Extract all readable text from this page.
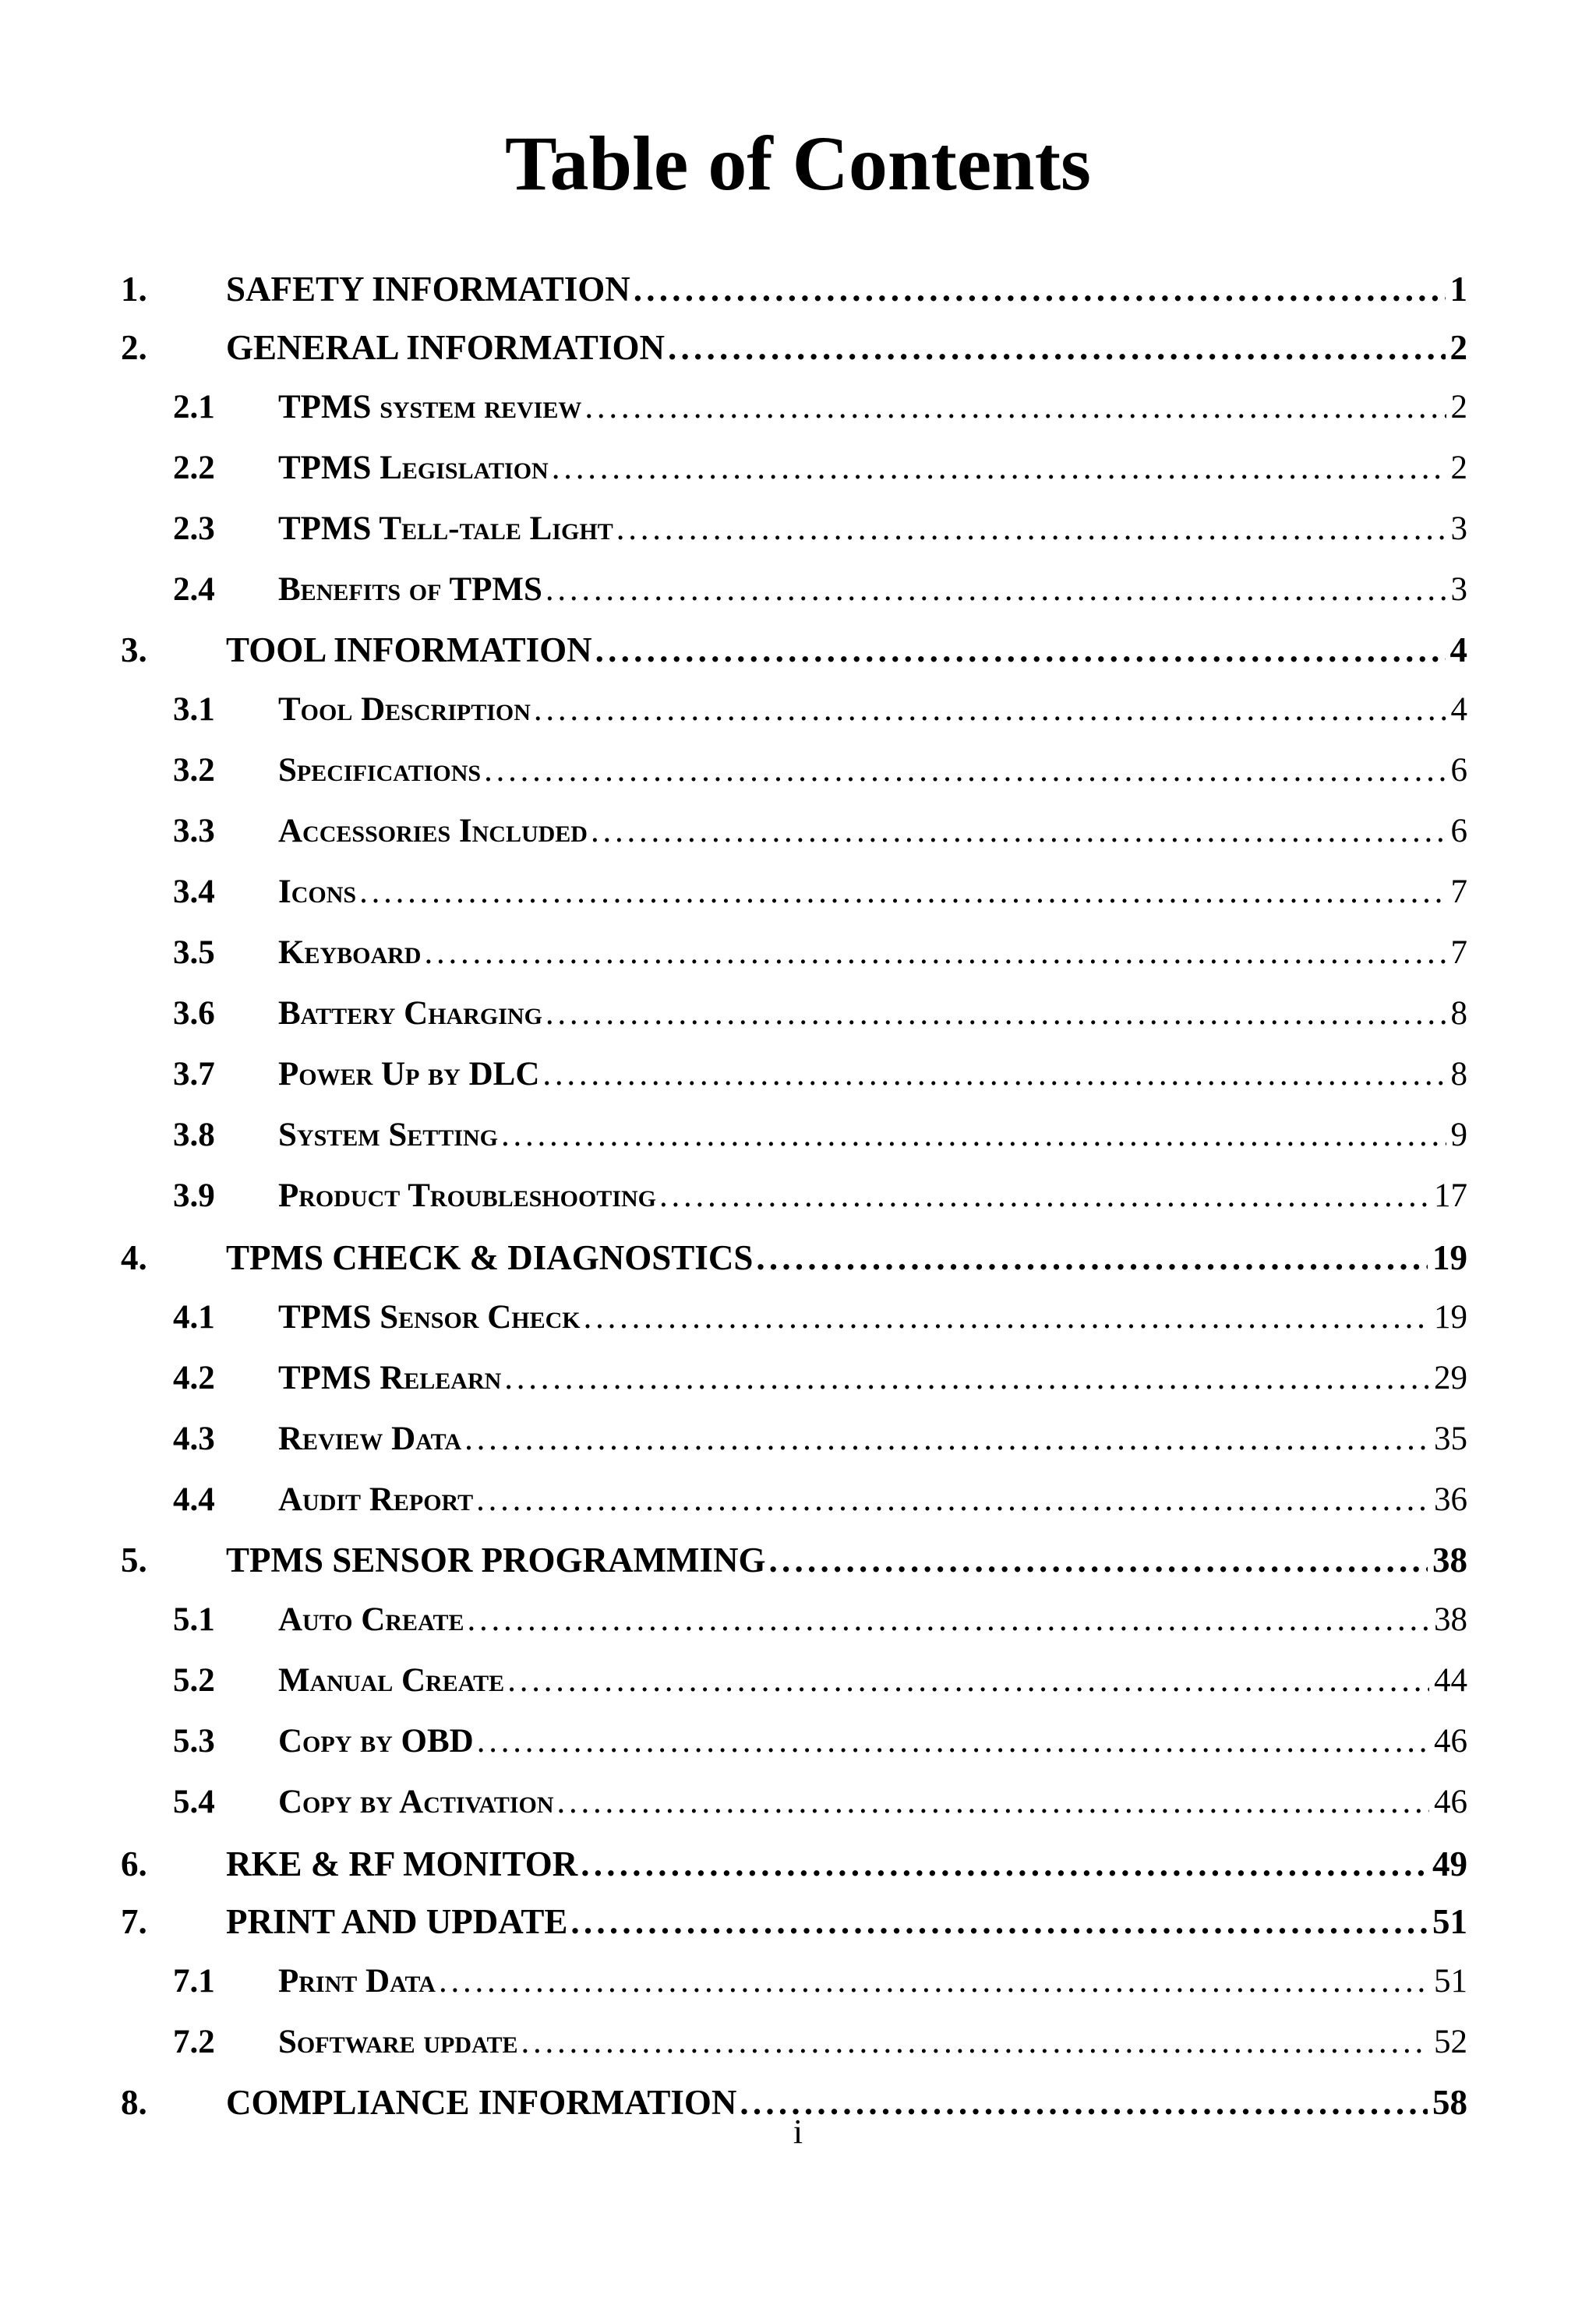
Table of Contents
1. SAFETY INFORMATION . . .	1
2. GENERAL INFORMATION . . .	2
2.1 TPMS system review . . .	2
2.2 TPMS Legislation . . .	2
2.3 TPMS Tell-tale Light . . .	3
2.4 Benefits of TPMS . . .	3
3. TOOL INFORMATION . . .	4
3.1 Tool Description . . .	4
3.2 Specifications . . .	6
3.3 Accessories Included . . .	6
3.4 Icons . . .	7
3.5 Keyboard . . .	7
3.6 Battery Charging . . .	8
3.7 Power Up by DLC . . .	8
3.8 System Setting . . .	9
3.9 Product Troubleshooting . . .	17
4. TPMS CHECK & DIAGNOSTICS . . .	19
4.1 TPMS Sensor Check . . .	19
4.2 TPMS Relearn . . .	29
4.3 Review Data . . .	35
4.4 Audit Report . . .	36
5. TPMS SENSOR PROGRAMMING . . .	38
5.1 Auto Create . . .	38
5.2 Manual Create . . .	44
5.3 Copy by OBD . . .	46
5.4 Copy by Activation . . .	46
6. RKE & RF MONITOR . . .	49
7. PRINT AND UPDATE . . .	51
7.1 Print Data . . .	51
7.2 Software update . . .	52
8. COMPLIANCE INFORMATION . . .	58
i
